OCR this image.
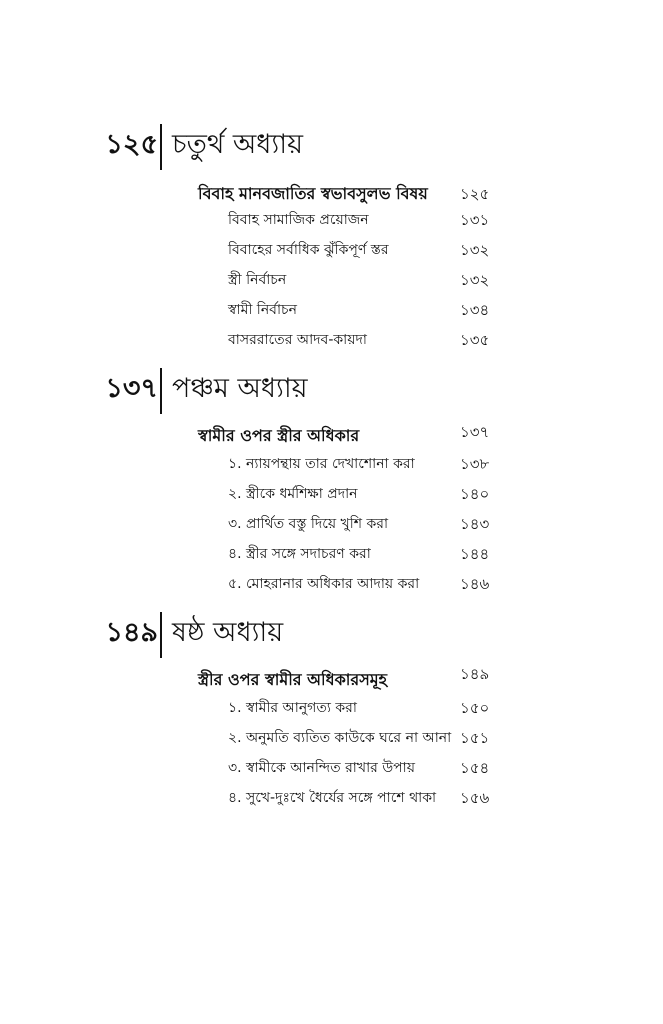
১২৫ চতুর্থ অধ্যায়
বিবাহ মানবজাতির স্বভাবসুলভ বিষয় ১২৫
বিবাহ সামাজিক প্রয়োজন	১৩১
বিবাহের সর্বাধিক ঝুঁকিপূর্ণ স্তর	১৩২
স্ত্রী নির্বাচন	১৩২
স্বামী নির্বাচন	১৩৪
বাসররাতের আদব-কায়দা	১৩৫
১৩৭ পঞ্চম অধ্যায়
স্বামীর ওপর স্ত্রীর অধিকার	১৩৭
১. ন্যায়পন্থায় তার দেখাশোনা করা	১৩৮
২. স্ত্রীকে ধর্মশিক্ষা প্রদান	১৪০
৩. প্রার্থিত বস্তু দিয়ে খুশি করা	১৪৩
৪. স্ত্রীর সঙ্গে সদাচরণ করা	১৪৪
৫. মোহরানার অধিকার আদায় করা	১৪৬
১৪৯ ষষ্ঠ অধ্যায়
স্ত্রীর ওপর স্বামীর অধিকারসমূহ	১৪৯
১. স্বামীর আনুগত্য করা	১৫০
২. অনুমতি ব্যতিত কাউকে ঘরে না আনা ১৫১
৩. স্বামীকে আনন্দিত রাখার উপায়	১৫৪
৪. সুখে-দুঃখে ধৈর্যের সঙ্গে পাশে থাকা ১৫৬
